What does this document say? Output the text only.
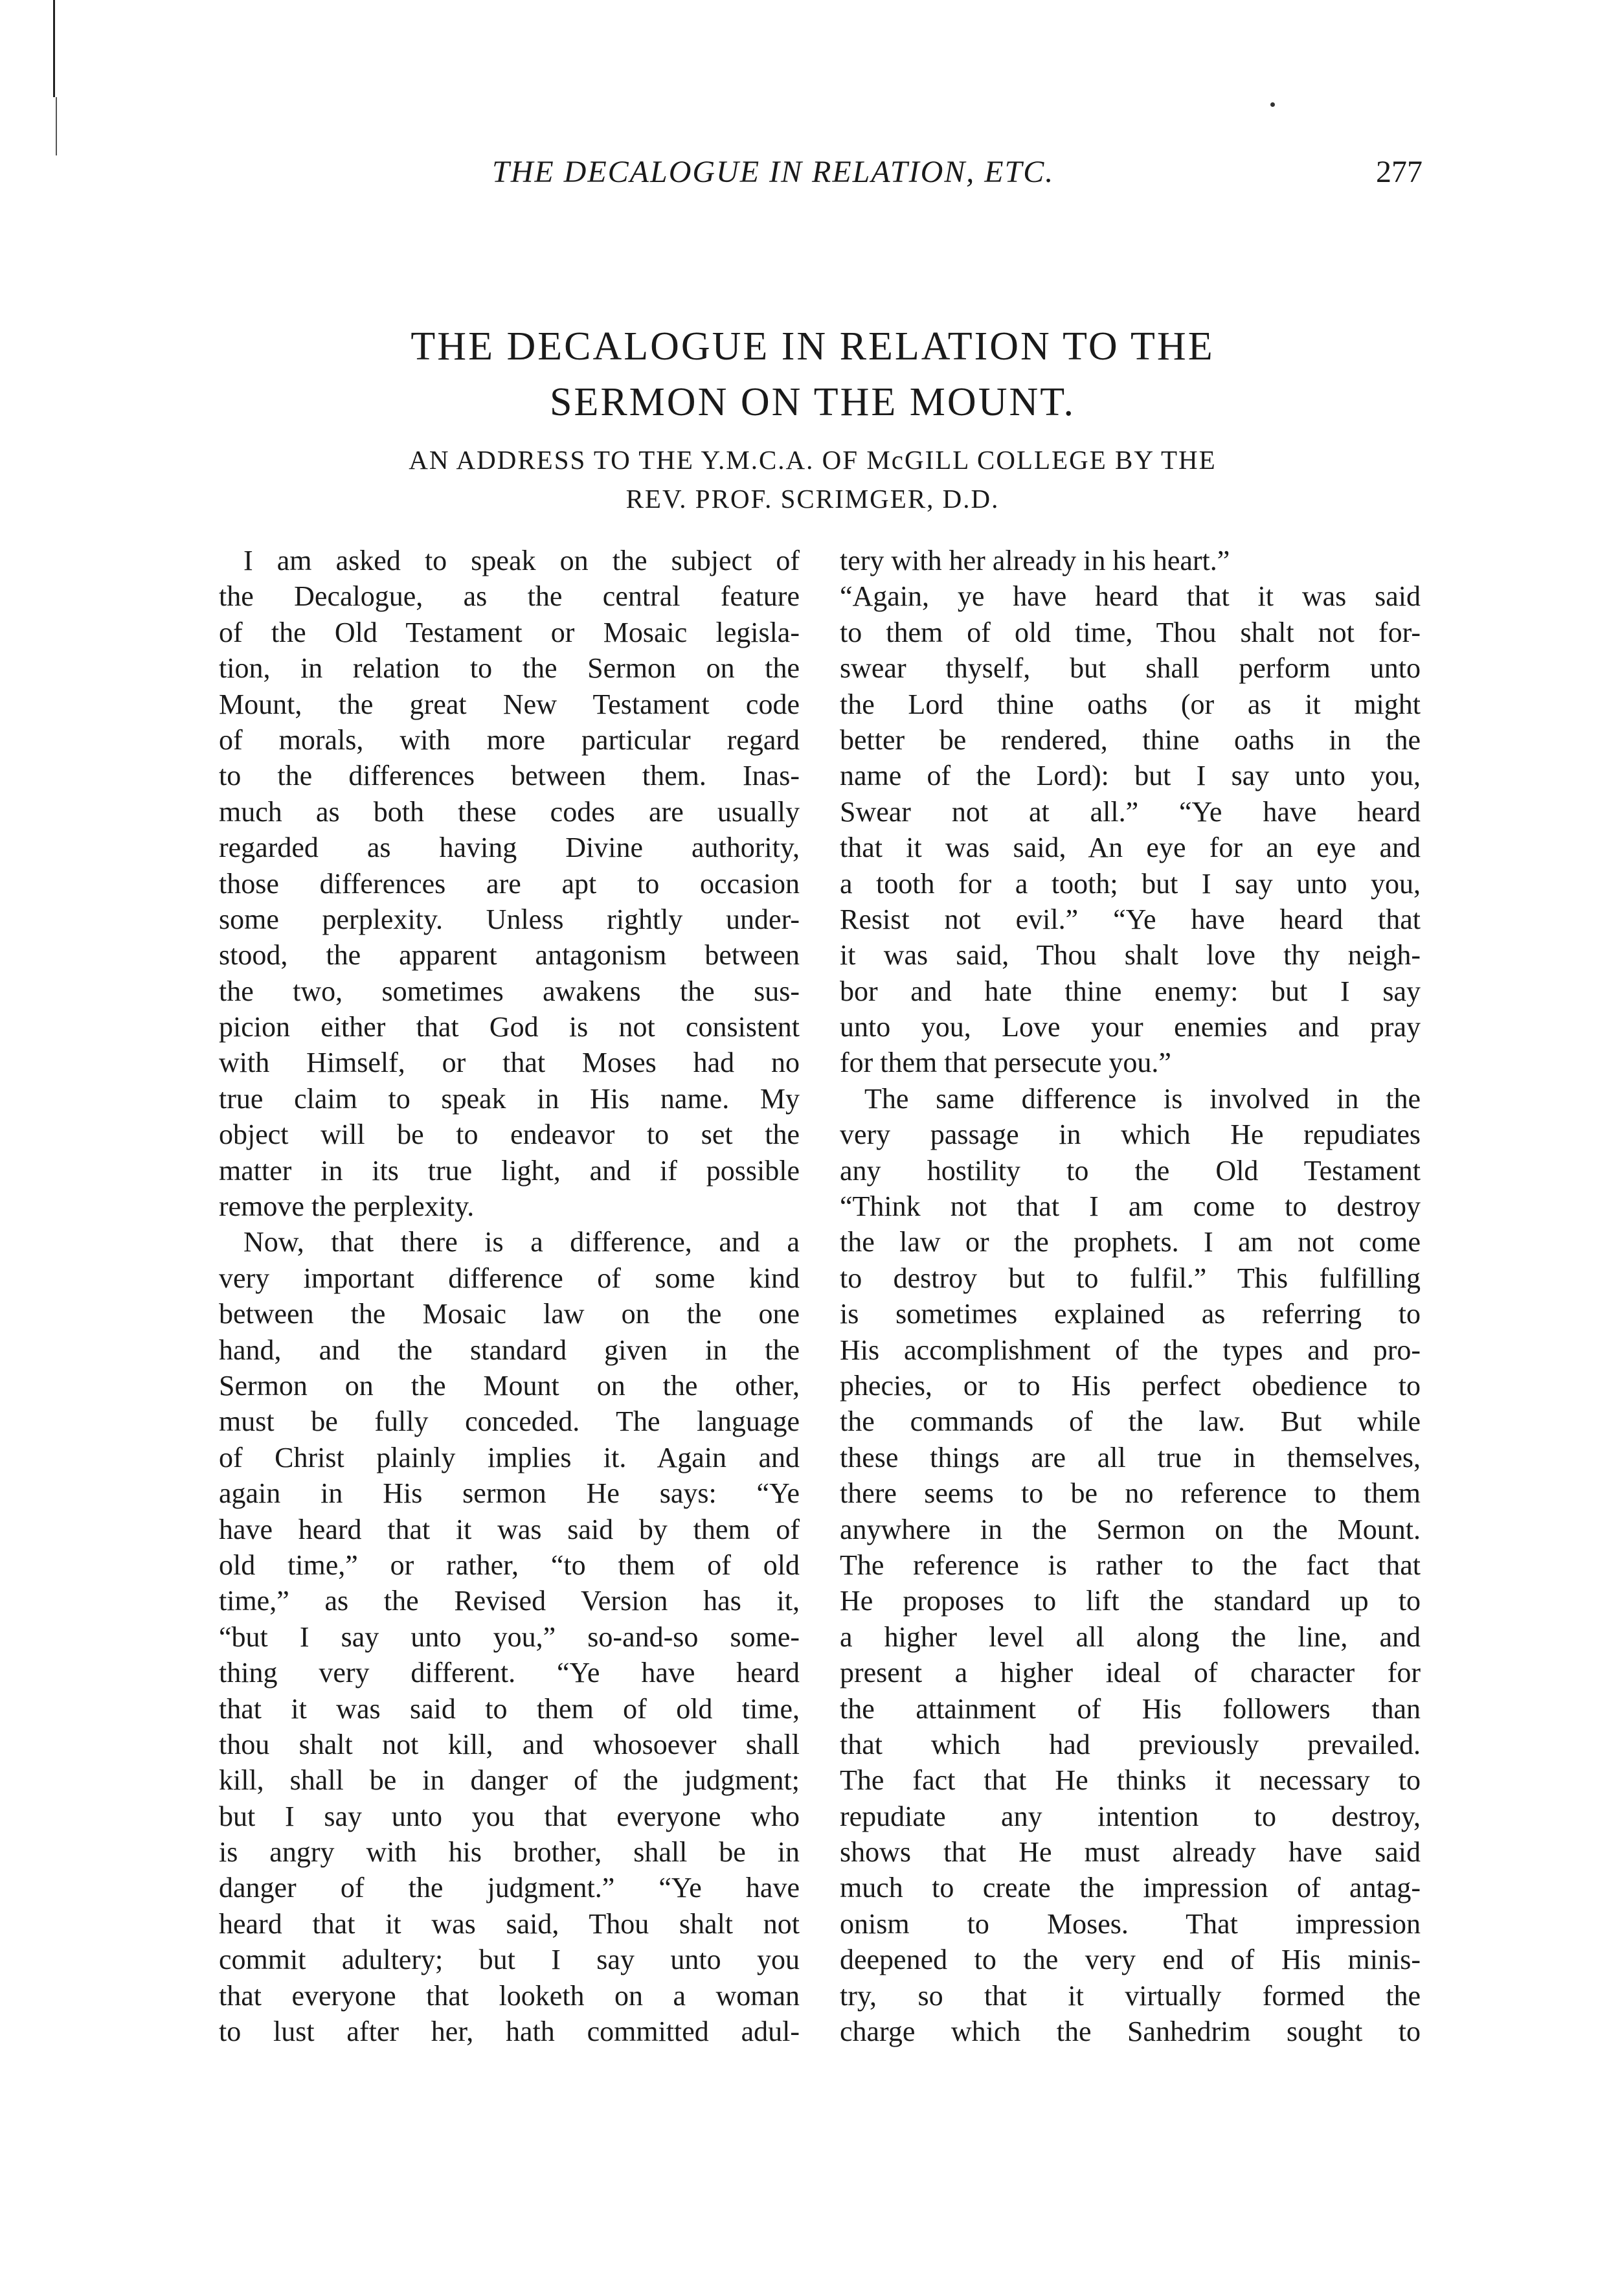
THE DECALOGUE IN RELATION, ETC.	277
THE DECALOGUE IN RELATION TO THE
SERMON ON THE MOUNT.
AN ADDRESS TO THE Y.M.C.A. OF McGILL COLLEGE BY THE
REV. PROF. SCRIMGER, D.D.
I am asked to speak on the subject of
the Decalogue, as the central feature
of the Old Testament or Mosaic legisla-
tion, in relation to the Sermon on the
Mount, the great New Testament code
of morals, with more particular regard
to the differences between them. Inas-
much as both these codes are usually
regarded as having Divine authority,
those differences are apt to occasion
some perplexity. Unless rightly under-
stood, the apparent antagonism between
the two, sometimes awakens the sus-
picion either that God is not consistent
with Himself, or that Moses had no
true claim to speak in His name. My
object will be to endeavor to set the
matter in its true light, and if possible
remove the perplexity.
Now, that there is a difference, and a
very important difference of some kind
between the Mosaic law on the one
hand, and the standard given in the
Sermon on the Mount on the other,
must be fully conceded. The language
of Christ plainly implies it. Again and
again in His sermon He says: “Ye
have heard that it was said by them of
old time,” or rather, “to them of old
time,” as the Revised Version has it,
“but I say unto you,” so-and-so some-
thing very different. “Ye have heard
that it was said to them of old time,
thou shalt not kill, and whosoever shall
kill, shall be in danger of the judgment;
but I say unto you that everyone who
is angry with his brother, shall be in
danger of the judgment.” “Ye have
heard that it was said, Thou shalt not
commit adultery; but I say unto you
that everyone that looketh on a woman
to lust after her, hath committed adul-
tery with her already in his heart.”
“Again, ye have heard that it was said
to them of old time, Thou shalt not for-
swear thyself, but shall perform unto
the Lord thine oaths (or as it might
better be rendered, thine oaths in the
name of the Lord): but I say unto you,
Swear not at all.” “Ye have heard
that it was said, An eye for an eye and
a tooth for a tooth; but I say unto you,
Resist not evil.” “Ye have heard that
it was said, Thou shalt love thy neigh-
bor and hate thine enemy: but I say
unto you, Love your enemies and pray
for them that persecute you.”
The same difference is involved in the
very passage in which He repudiates
any hostility to the Old Testament
“Think not that I am come to destroy
the law or the prophets. I am not come
to destroy but to fulfil.” This fulfilling
is sometimes explained as referring to
His accomplishment of the types and pro-
phecies, or to His perfect obedience to
the commands of the law. But while
these things are all true in themselves,
there seems to be no reference to them
anywhere in the Sermon on the Mount.
The reference is rather to the fact that
He proposes to lift the standard up to
a higher level all along the line, and
present a higher ideal of character for
the attainment of His followers than
that which had previously prevailed.
The fact that He thinks it necessary to
repudiate any intention to destroy,
shows that He must already have said
much to create the impression of antag-
onism to Moses. That impression
deepened to the very end of His minis-
try, so that it virtually formed the
charge which the Sanhedrim sought to
